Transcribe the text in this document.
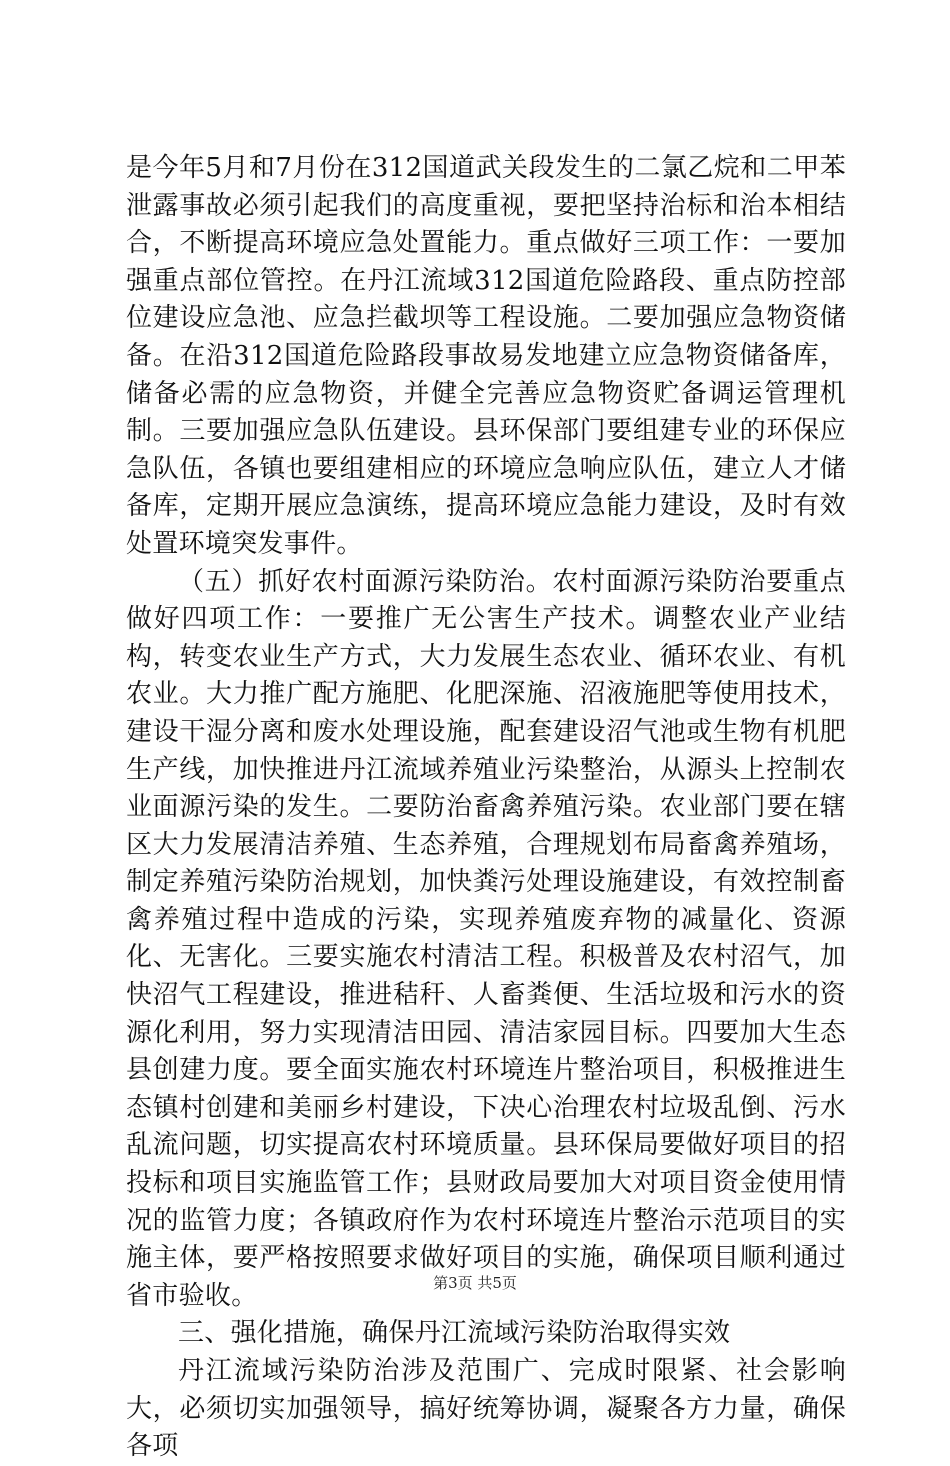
是今年5月和7月份在312国道武关段发生的二氯乙烷和二甲苯泄露事故必须引起我们的高度重视，要把坚持治标和治本相结合，不断提高环境应急处置能力。重点做好三项工作：一要加强重点部位管控。在丹江流域312国道危险路段、重点防控部位建设应急池、应急拦截坝等工程设施。二要加强应急物资储备。在沿312国道危险路段事故易发地建立应急物资储备库，储备必需的应急物资，并健全完善应急物资贮备调运管理机制。三要加强应急队伍建设。县环保部门要组建专业的环保应急队伍，各镇也要组建相应的环境应急响应队伍，建立人才储备库，定期开展应急演练，提高环境应急能力建设，及时有效处置环境突发事件。

（五）抓好农村面源污染防治。农村面源污染防治要重点做好四项工作：一要推广无公害生产技术。调整农业产业结构，转变农业生产方式，大力发展生态农业、循环农业、有机农业。大力推广配方施肥、化肥深施、沼液施肥等使用技术，建设干湿分离和废水处理设施，配套建设沼气池或生物有机肥生产线，加快推进丹江流域养殖业污染整治，从源头上控制农业面源污染的发生。二要防治畜禽养殖污染。农业部门要在辖区大力发展清洁养殖、生态养殖，合理规划布局畜禽养殖场，制定养殖污染防治规划，加快粪污处理设施建设，有效控制畜禽养殖过程中造成的污染，实现养殖废弃物的减量化、资源化、无害化。三要实施农村清洁工程。积极普及农村沼气，加快沼气工程建设，推进秸秆、人畜粪便、生活垃圾和污水的资源化利用，努力实现清洁田园、清洁家园目标。四要加大生态县创建力度。要全面实施农村环境连片整治项目，积极推进生态镇村创建和美丽乡村建设，下决心治理农村垃圾乱倒、污水乱流问题，切实提高农村环境质量。县环保局要做好项目的招投标和项目实施监管工作；县财政局要加大对项目资金使用情况的监管力度；各镇政府作为农村环境连片整治示范项目的实施主体，要严格按照要求做好项目的实施，确保项目顺利通过省市验收。

三、强化措施，确保丹江流域污染防治取得实效

丹江流域污染防治涉及范围广、完成时限紧、社会影响大，必须切实加强领导，搞好统筹协调，凝聚各方力量，确保各项

第3页 共5页
